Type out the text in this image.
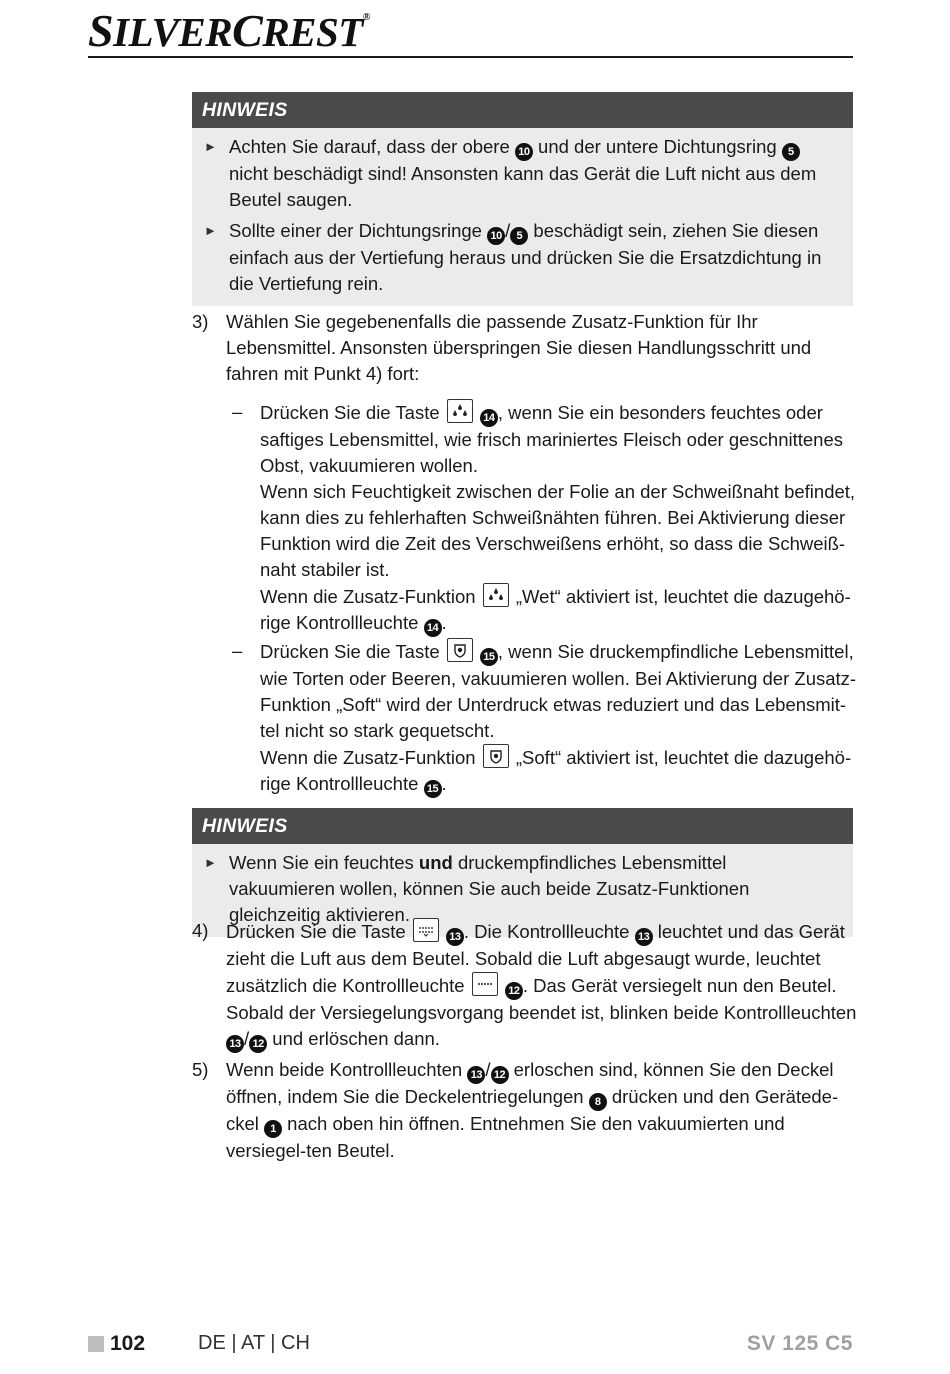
SILVERCREST®
HINWEIS
► Achten Sie darauf, dass der obere 10 und der untere Dichtungsring 5 nicht beschädigt sind! Ansonsten kann das Gerät die Luft nicht aus dem Beutel saugen.
► Sollte einer der Dichtungsringe 10 / 5 beschädigt sein, ziehen Sie diesen einfach aus der Vertiefung heraus und drücken Sie die Ersatzdichtung in die Vertiefung rein.
3) Wählen Sie gegebenenfalls die passende Zusatz-Funktion für Ihr Lebensmittel. Ansonsten überspringen Sie diesen Handlungsschritt und fahren mit Punkt 4) fort:
– Drücken Sie die Taste	14 , wenn Sie ein besonders feuchtes oder saftiges Lebensmittel, wie frisch mariniertes Fleisch oder geschnittenes Obst, vakuumieren wollen.
Wenn sich Feuchtigkeit zwischen der Folie an der Schweißnaht befindet, kann dies zu fehlerhaften Schweißnähten führen. Bei Aktivierung dieser Funktion wird die Zeit des Verschweißens erhöht, so dass die Schweiß-naht stabiler ist.
Wenn die Zusatz-Funktion
„Wet“ aktiviert ist, leuchtet die dazugehö-rige Kontrollleuchte 14 .
– Drücken Sie die Taste	15 , wenn Sie druckempfindliche Lebensmittel, wie Torten oder Beeren, vakuumieren wollen. Bei Aktivierung der Zusatz-Funktion „Soft“ wird der Unterdruck etwas reduziert und das Lebensmit-tel nicht so stark gequetscht.
Wenn die Zusatz-Funktion
„Soft“ aktiviert ist, leuchtet die dazugehö-rige Kontrollleuchte 15 .
HINWEIS
► Wenn Sie ein feuchtes und druckempfindliches Lebensmittel vakuumieren wollen, können Sie auch beide Zusatz-Funktionen gleichzeitig aktivieren.
4) Drücken Sie die Taste	13 . Die Kontrollleuchte 13 leuchtet und das Gerät zieht die Luft aus dem Beutel. Sobald die Luft abgesaugt wurde, leuchtet zusätzlich die Kontrollleuchte	12 . Das Gerät versiegelt nun den Beutel. Sobald der Versiegelungsvorgang beendet ist, blinken beide Kontrollleuchten 13 / 12 und erlöschen dann.
5) Wenn beide Kontrollleuchten 13 / 12 erloschen sind, können Sie den Deckel öffnen, indem Sie die Deckelentriegelungen 8 drücken und den Gerätede-ckel 1 nach oben hin öffnen. Entnehmen Sie den vakuumierten und versiegel-ten Beutel.
102	DE | AT | CH	SV 125 C5
